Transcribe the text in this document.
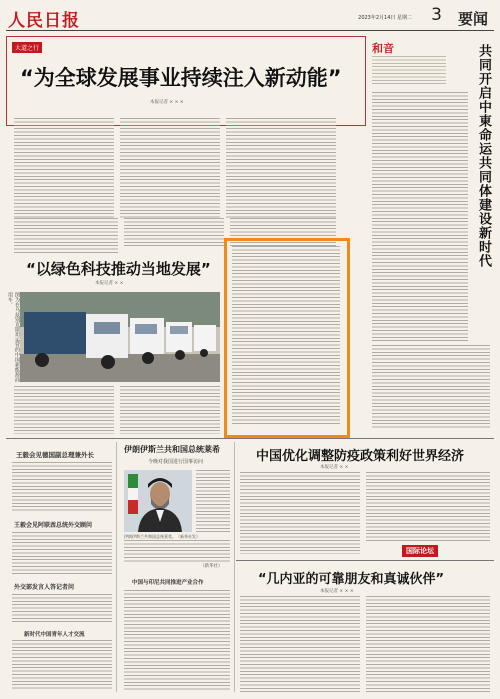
人民日报	2023年2月14日 星期二 3 要闻
大道之行
“为全球发展事业持续注入新动能”
本报记者 × × ×
和音	共同开启中東命运共同体建设新时代
“以绿色科技推动当地发展”
本报记者 × ×
图为在乌兹别克斯坦运营的中国新能源商用车。
王毅会见德国副总理兼外长
王毅会见阿联酋总统外交顾问
外交部发言人答记者问
新时代中国青年人才交流
伊朗伊斯兰共和国总统莱希
今晚对我国进行国事访问
伊朗伊斯兰共和国总统莱希。（新华社发）
（新华社）
中国与印尼共同推进产业合作
中国优化调整防疫政策利好世界经济
本报记者 × ×
国际论坛
“几内亚的可靠朋友和真诚伙伴”
本报记者 × × ×
